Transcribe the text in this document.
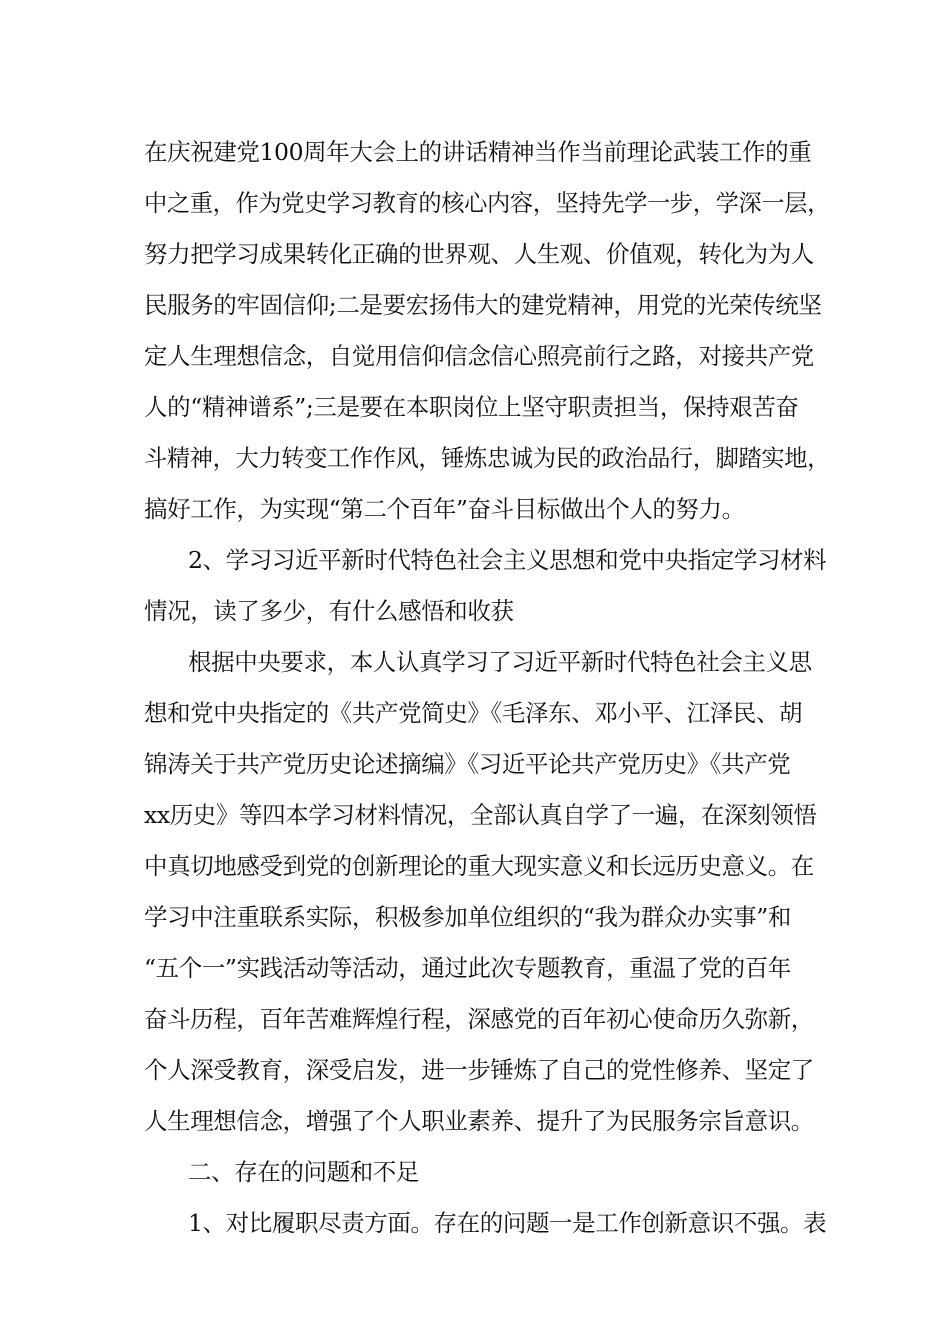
在庆祝建党100周年大会上的讲话精神当作当前理论武装工作的重
中之重，作为党史学习教育的核心内容，坚持先学一步，学深一层，
努力把学习成果转化正确的世界观、人生观、价值观，转化为为人
民服务的牢固信仰;二是要宏扬伟大的建党精神，用党的光荣传统坚
定人生理想信念，自觉用信仰信念信心照亮前行之路，对接共产党
人的“精神谱系”;三是要在本职岗位上坚守职责担当，保持艰苦奋
斗精神，大力转变工作作风，锤炼忠诚为民的政治品行，脚踏实地，
搞好工作，为实现“第二个百年”奋斗目标做出个人的努力。
2、学习习近平新时代特色社会主义思想和党中央指定学习材料
情况，读了多少，有什么感悟和收获
根据中央要求，本人认真学习了习近平新时代特色社会主义思
想和党中央指定的《共产党简史》《毛泽东、邓小平、江泽民、胡
锦涛关于共产党历史论述摘编》《习近平论共产党历史》《共产党
xx历史》等四本学习材料情况，全部认真自学了一遍，在深刻领悟
中真切地感受到党的创新理论的重大现实意义和长远历史意义。在
学习中注重联系实际，积极参加单位组织的“我为群众办实事”和
“五个一”实践活动等活动，通过此次专题教育，重温了党的百年
奋斗历程，百年苦难辉煌行程，深感党的百年初心使命历久弥新，
个人深受教育，深受启发，进一步锤炼了自己的党性修养、坚定了
人生理想信念，增强了个人职业素养、提升了为民服务宗旨意识。
二、存在的问题和不足
1、对比履职尽责方面。存在的问题一是工作创新意识不强。表
